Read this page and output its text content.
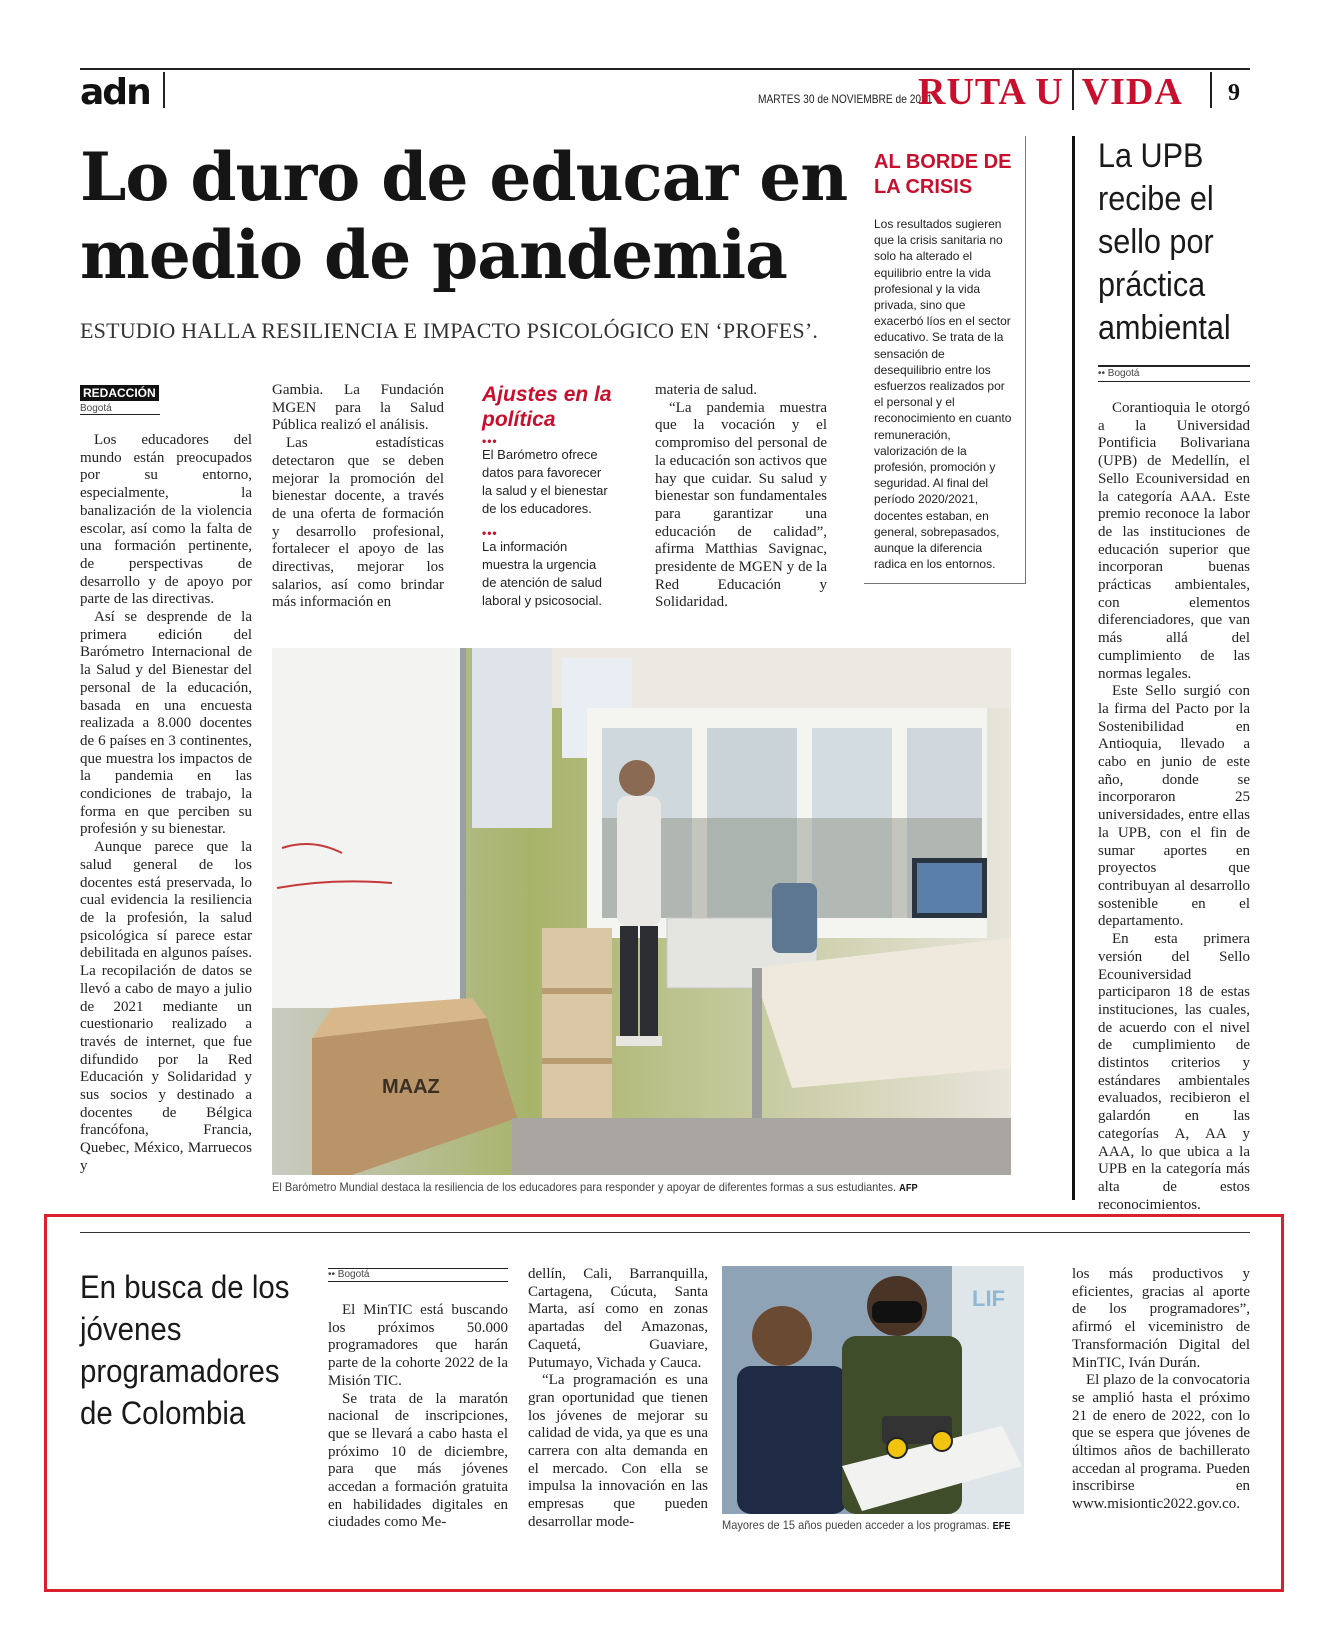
adn	MARTES 30 de NOVIEMBRE de 2021
RUTA U VIDA 9
Lo duro de educar en medio de pandemia
ESTUDIO HALLA RESILIENCIA E IMPACTO PSICOLÓGICO EN ‘PROFES’.
REDACCIÓN
Bogotá

Los educadores del mundo están preocupados por su entorno, especialmente, la banalización de la violencia escolar, así como la falta de una formación pertinente, de perspectivas de desarrollo y de apoyo por parte de las directivas.

Así se desprende de la primera edición del Barómetro Internacional de la Salud y del Bienestar del personal de la educación, basada en una encuesta realizada a 8.000 docentes de 6 países en 3 continentes, que muestra los impactos de la pandemia en las condiciones de trabajo, la forma en que perciben su profesión y su bienestar.

Aunque parece que la salud general de los docentes está preservada, lo cual evidencia la resiliencia de la profesión, la salud psicológica sí parece estar debilitada en algunos países. La recopilación de datos se llevó a cabo de mayo a julio de 2021 mediante un cuestionario realizado a través de internet, que fue difundido por la Red Educación y Solidaridad y sus socios y destinado a docentes de Bélgica francófona, Francia, Quebec, México, Marruecos y

Gambia. La Fundación MGEN para la Salud Pública realizó el análisis.

Las estadísticas detectaron que se deben mejorar la promoción del bienestar docente, a través de una oferta de formación y desarrollo profesional, fortalecer el apoyo de las directivas, mejorar los salarios, así como brindar más información en

Ajustes en la política
•••
El Barómetro ofrece datos para favorecer la salud y el bienestar de los educadores.
•••
La información muestra la urgencia de atención de salud laboral y psicosocial.

materia de salud.

“La pandemia muestra que la vocación y el compromiso del personal de la educación son activos que hay que cuidar. Su salud y bienestar son fundamentales para garantizar una educación de calidad”, afirma Matthias Savignac, presidente de MGEN y de la Red Educación y Solidaridad.

AL BORDE DE LA CRISIS
Los resultados sugieren que la crisis sanitaria no solo ha alterado el equilibrio entre la vida profesional y la vida privada, sino que exacerbó líos en el sector educativo. Se trata de la sensación de desequilibrio entre los esfuerzos realizados por el personal y el reconocimiento en cuanto remuneración, valorización de la profesión, promoción y seguridad. Al final del período 2020/2021, docentes estaban, en general, sobrepasados, aunque la diferencia radica en los entornos.
MAAZ
El Barómetro Mundial destaca la resiliencia de los educadores para responder y apoyar de diferentes formas a sus estudiantes. AFP
La UPB recibe el sello por práctica ambiental
•• Bogotá

Corantioquia le otorgó a la Universidad Pontificia Bolivariana (UPB) de Medellín, el Sello Ecouniversidad en la categoría AAA. Este premio reconoce la labor de las instituciones de educación superior que incorporan buenas prácticas ambientales, con elementos diferenciadores, que van más allá del cumplimiento de las normas legales.

Este Sello surgió con la firma del Pacto por la Sostenibilidad en Antioquia, llevado a cabo en junio de este año, donde se incorporaron 25 universidades, entre ellas la UPB, con el fin de sumar aportes en proyectos que contribuyan al desarrollo sostenible en el departamento.

En esta primera versión del Sello Ecouniversidad participaron 18 de estas instituciones, las cuales, de acuerdo con el nivel de cumplimiento de distintos criterios y estándares ambientales evaluados, recibieron el galardón en las categorías A, AA y AAA, lo que ubica a la UPB en la categoría más alta de estos reconocimientos.

En busca de los jóvenes programadores de Colombia
•• Bogotá

El MinTIC está buscando los próximos 50.000 programadores que harán parte de la cohorte 2022 de la Misión TIC.

Se trata de la maratón nacional de inscripciones, que se llevará a cabo hasta el próximo 10 de diciembre, para que más jóvenes accedan a formación gratuita en habilidades digitales en ciudades como Me-

dellín, Cali, Barranquilla, Cartagena, Cúcuta, Santa Marta, así como en zonas apartadas del Amazonas, Caquetá, Guaviare, Putumayo, Vichada y Cauca.

“La programación es una gran oportunidad que tienen los jóvenes de mejorar su calidad de vida, ya que es una carrera con alta demanda en el mercado. Con ella se impulsa la innovación en las empresas que pueden desarrollar mode-

LIF
Mayores de 15 años pueden acceder a los programas. EFE

los más productivos y eficientes, gracias al aporte de los programadores”, afirmó el viceministro de Transformación Digital del MinTIC, Iván Durán.

El plazo de la convocatoria se amplió hasta el próximo 21 de enero de 2022, con lo que se espera que jóvenes de últimos años de bachillerato accedan al programa. Pueden inscribirse en www.misiontic2022.gov.co.
